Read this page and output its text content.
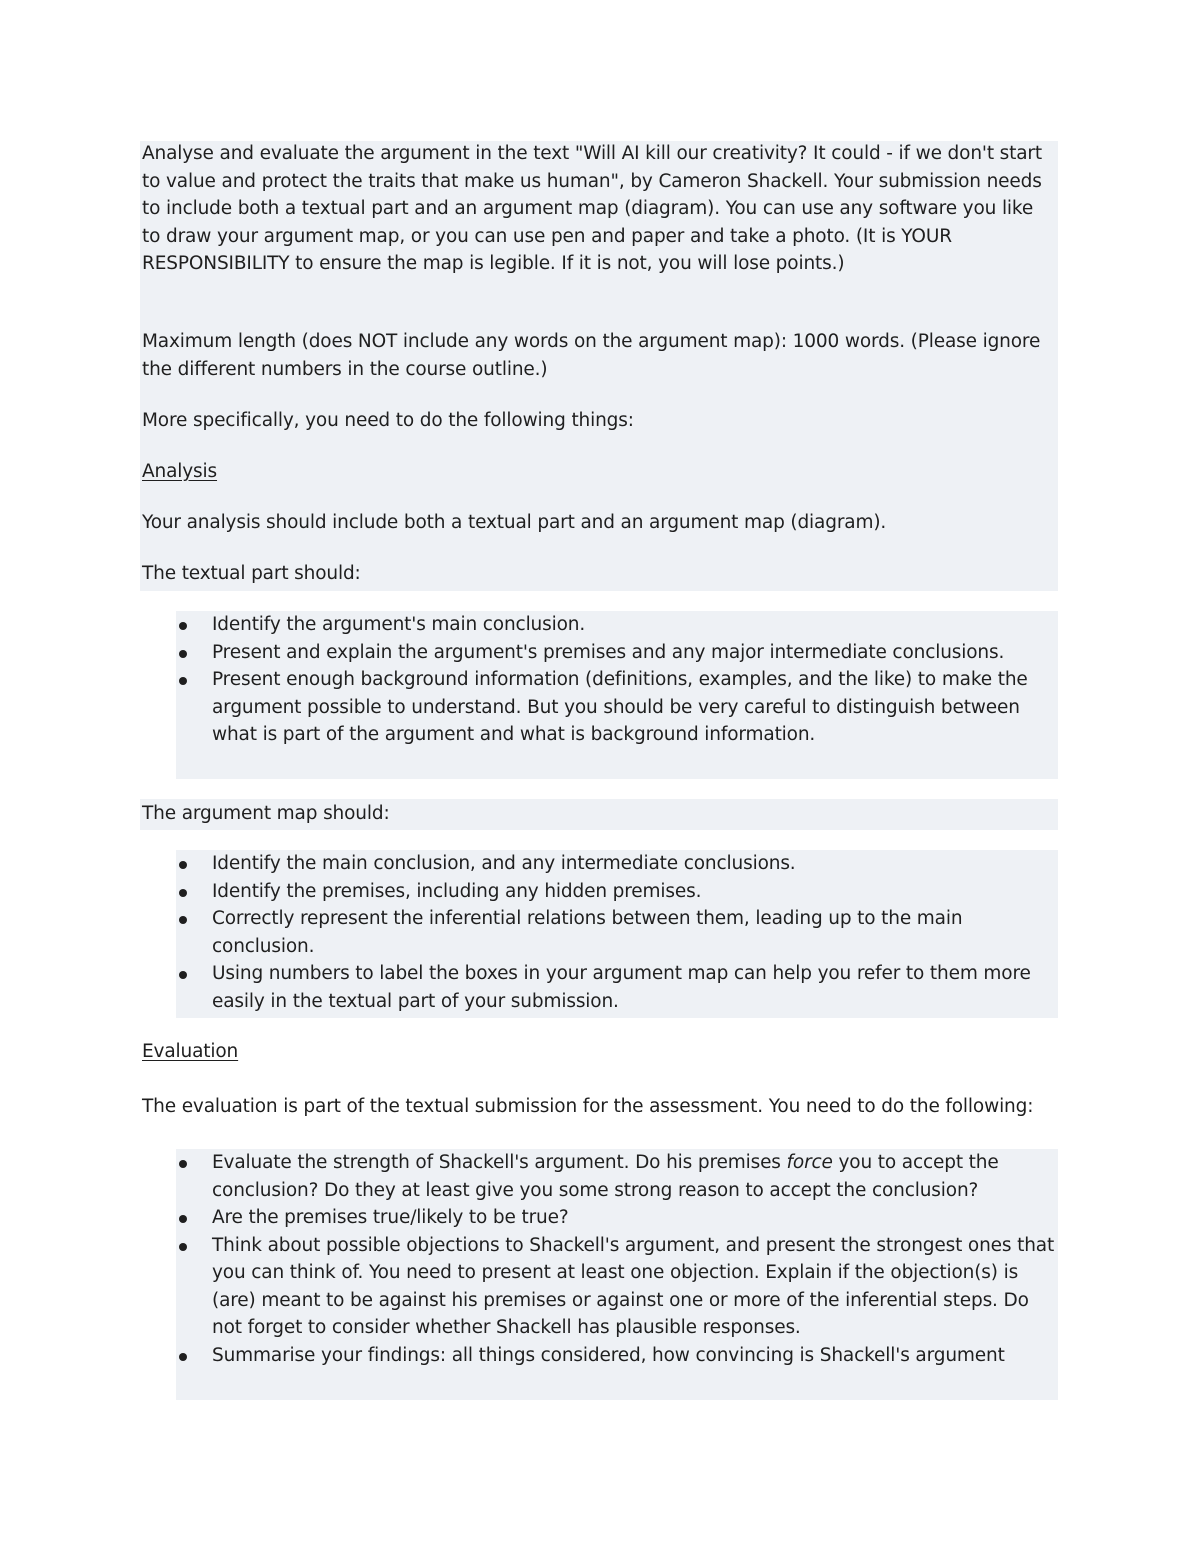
Analyse and evaluate the argument in the text "Will AI kill our creativity? It could - if we don't start to value and protect the traits that make us human", by Cameron Shackell. Your submission needs to include both a textual part and an argument map (diagram). You can use any software you like to draw your argument map, or you can use pen and paper and take a photo. (It is YOUR RESPONSIBILITY to ensure the map is legible. If it is not, you will lose points.)

Maximum length (does NOT include any words on the argument map): 1000 words. (Please ignore the different numbers in the course outline.)

More specifically, you need to do the following things:

Analysis

Your analysis should include both a textual part and an argument map (diagram).

The textual part should:

Identify the argument's main conclusion.
Present and explain the argument's premises and any major intermediate conclusions.
Present enough background information (definitions, examples, and the like) to make the argument possible to understand. But you should be very careful to distinguish between what is part of the argument and what is background information.

The argument map should:

Identify the main conclusion, and any intermediate conclusions.
Identify the premises, including any hidden premises.
Correctly represent the inferential relations between them, leading up to the main conclusion.
Using numbers to label the boxes in your argument map can help you refer to them more easily in the textual part of your submission.

Evaluation

The evaluation is part of the textual submission for the assessment. You need to do the following:

Evaluate the strength of Shackell's argument. Do his premises force you to accept the conclusion? Do they at least give you some strong reason to accept the conclusion?
Are the premises true/likely to be true?
Think about possible objections to Shackell's argument, and present the strongest ones that you can think of. You need to present at least one objection. Explain if the objection(s) is (are) meant to be against his premises or against one or more of the inferential steps. Do not forget to consider whether Shackell has plausible responses.
Summarise your findings: all things considered, how convincing is Shackell's argument
